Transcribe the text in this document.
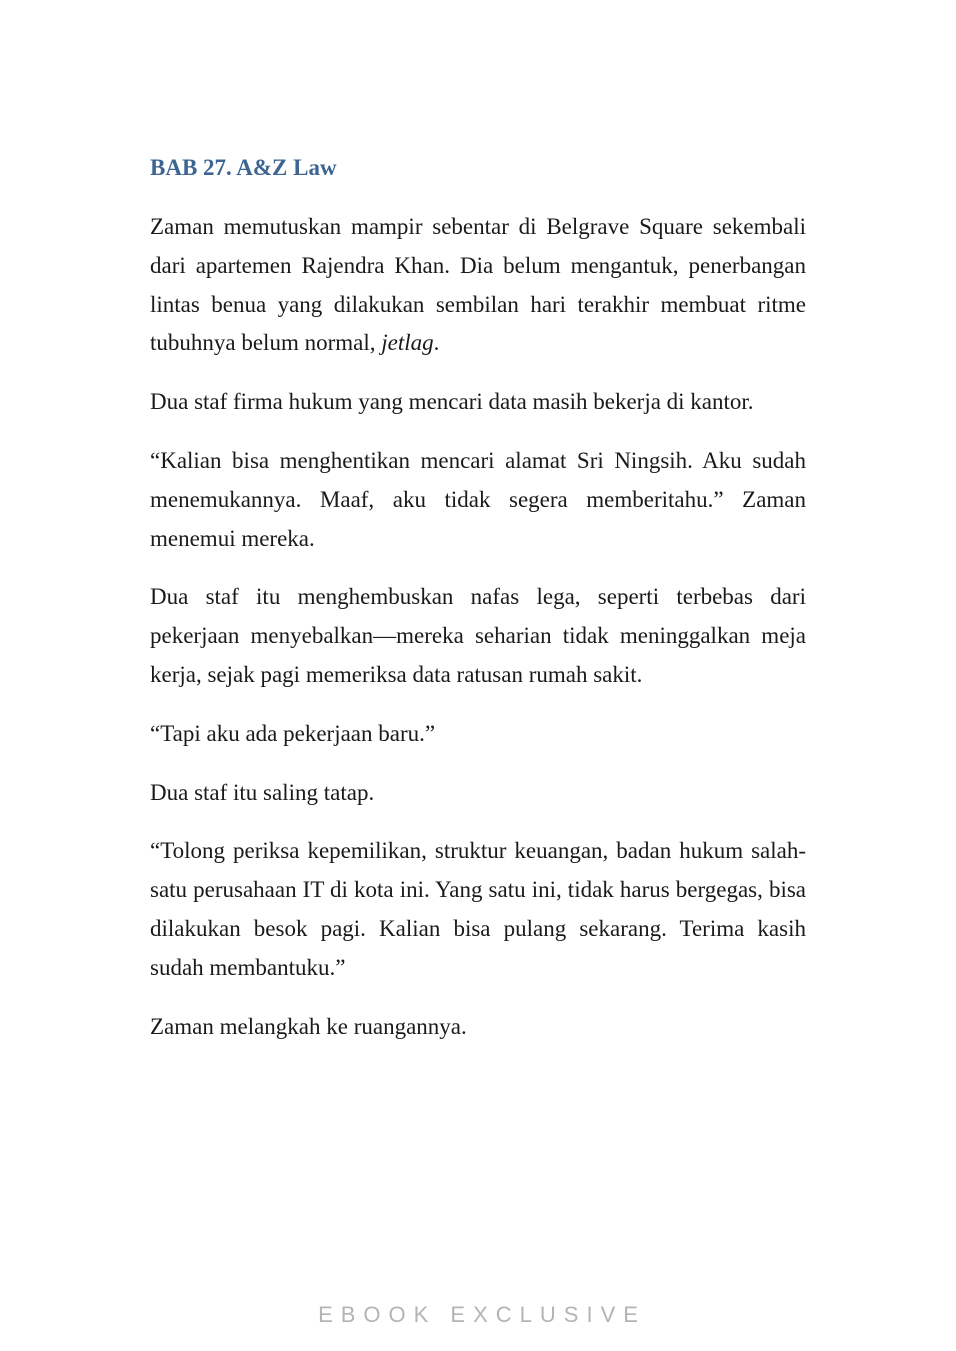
BAB 27. A&Z Law

Zaman memutuskan mampir sebentar di Belgrave Square sekembali dari apartemen Rajendra Khan. Dia belum mengantuk, penerbangan lintas benua yang dilakukan sembilan hari terakhir membuat ritme tubuhnya belum normal, jetlag.

Dua staf firma hukum yang mencari data masih bekerja di kantor.

“Kalian bisa menghentikan mencari alamat Sri Ningsih. Aku sudah menemukannya. Maaf, aku tidak segera memberitahu.” Zaman menemui mereka.

Dua staf itu menghembuskan nafas lega, seperti terbebas dari pekerjaan menyebalkan—mereka seharian tidak meninggalkan meja kerja, sejak pagi memeriksa data ratusan rumah sakit.

“Tapi aku ada pekerjaan baru.”

Dua staf itu saling tatap.

“Tolong periksa kepemilikan, struktur keuangan, badan hukum salah-satu perusahaan IT di kota ini. Yang satu ini, tidak harus bergegas, bisa dilakukan besok pagi. Kalian bisa pulang sekarang. Terima kasih sudah membantuku.”

Zaman melangkah ke ruangannya.

EBOOK EXCLUSIVE
